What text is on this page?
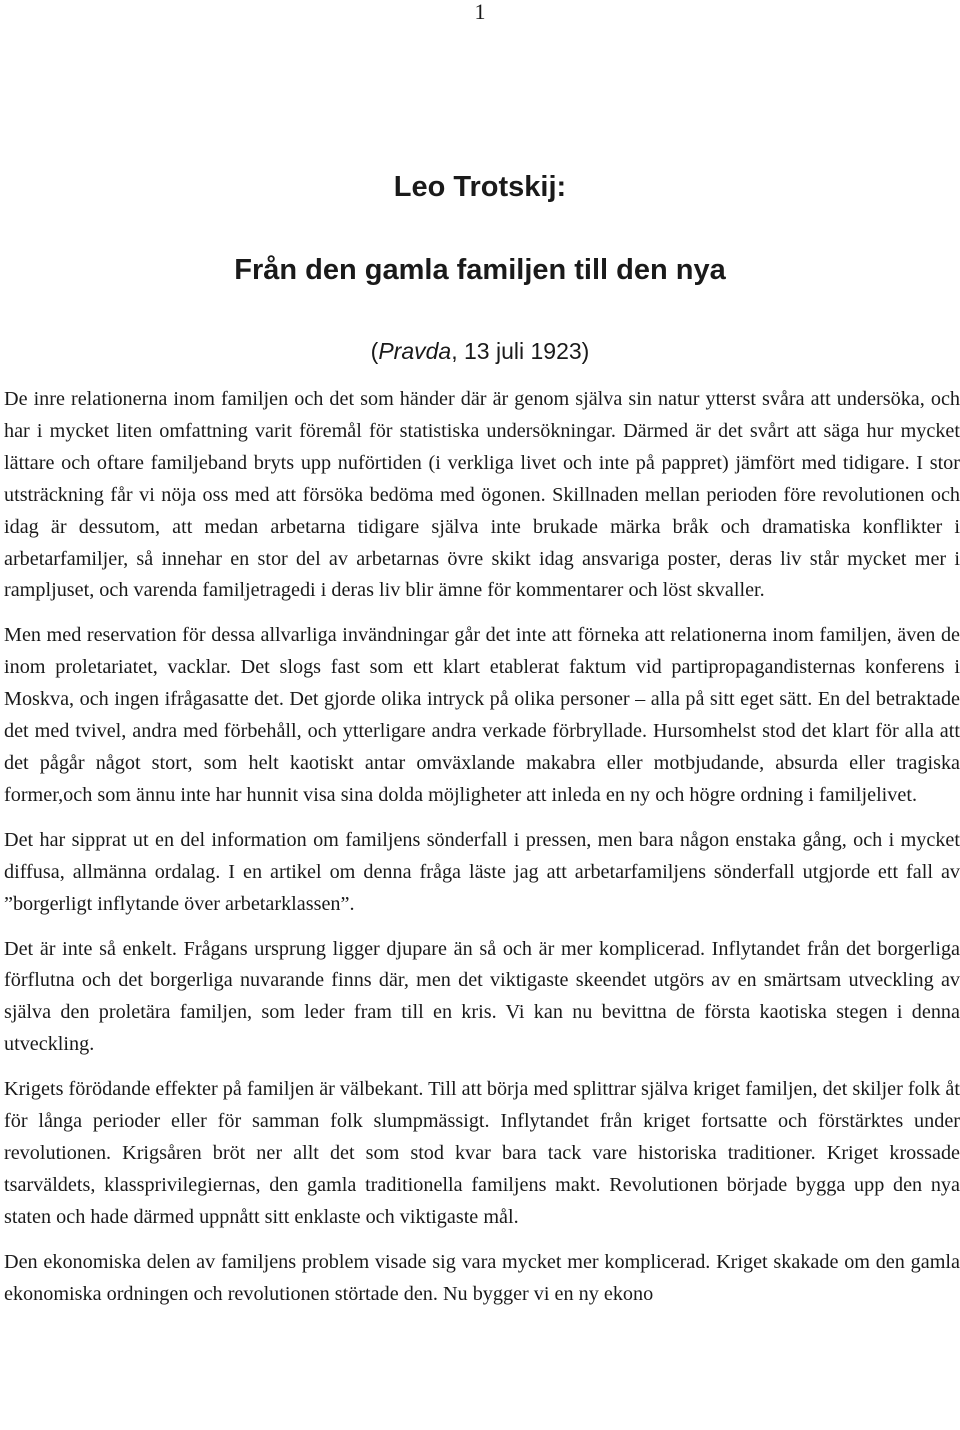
1
Leo Trotskij:
Från den gamla familjen till den nya
(Pravda, 13 juli 1923)

De inre relationerna inom familjen och det som händer där är genom själva sin natur ytterst svåra att undersöka, och har i mycket liten omfattning varit föremål för statistiska undersökningar. Därmed är det svårt att säga hur mycket lättare och oftare familjeband bryts upp nuförtiden (i verkliga livet och inte på pappret) jämfört med tidigare. I stor utsträckning får vi nöja oss med att försöka bedöma med ögonen. Skillnaden mellan perioden före revolutionen och idag är dessutom, att medan arbetarna tidigare själva inte brukade märka bråk och dramatiska konflikter i arbetarfamiljer, så innehar en stor del av arbetarnas övre skikt idag ansvariga poster, deras liv står mycket mer i rampljuset, och varenda familjetragedi i deras liv blir ämne för kommentarer och löst skvaller.

Men med reservation för dessa allvarliga invändningar går det inte att förneka att relationerna inom familjen, även de inom proletariatet, vacklar. Det slogs fast som ett klart etablerat faktum vid partipropagandisternas konferens i Moskva, och ingen ifrågasatte det. Det gjorde olika intryck på olika personer – alla på sitt eget sätt. En del betraktade det med tvivel, andra med förbehåll, och ytterligare andra verkade förbryllade. Hursomhelst stod det klart för alla att det pågår något stort, som helt kaotiskt antar omväxlande makabra eller motbjudande, absurda eller tragiska former,och som ännu inte har hunnit visa sina dolda möjligheter att inleda en ny och högre ordning i familjelivet.

Det har sipprat ut en del information om familjens sönderfall i pressen, men bara någon enstaka gång, och i mycket diffusa, allmänna ordalag. I en artikel om denna fråga läste jag att arbetarfamiljens sönderfall utgjorde ett fall av ”borgerligt inflytande över arbetarklassen”.

Det är inte så enkelt. Frågans ursprung ligger djupare än så och är mer komplicerad. Inflytandet från det borgerliga förflutna och det borgerliga nuvarande finns där, men det viktigaste skeendet utgörs av en smärtsam utveckling av själva den proletära familjen, som leder fram till en kris. Vi kan nu bevittna de första kaotiska stegen i denna utveckling.

Krigets förödande effekter på familjen är välbekant. Till att börja med splittrar själva kriget familjen, det skiljer folk åt för långa perioder eller för samman folk slumpmässigt. Inflytandet från kriget fortsatte och förstärktes under revolutionen. Krigsåren bröt ner allt det som stod kvar bara tack vare historiska traditioner. Kriget krossade tsarväldets, klassprivilegiernas, den gamla traditionella familjens makt. Revolutionen började bygga upp den nya staten och hade därmed uppnått sitt enklaste och viktigaste mål.

Den ekonomiska delen av familjens problem visade sig vara mycket mer komplicerad. Kriget skakade om den gamla ekonomiska ordningen och revolutionen störtade den. Nu bygger vi en ny ekono
